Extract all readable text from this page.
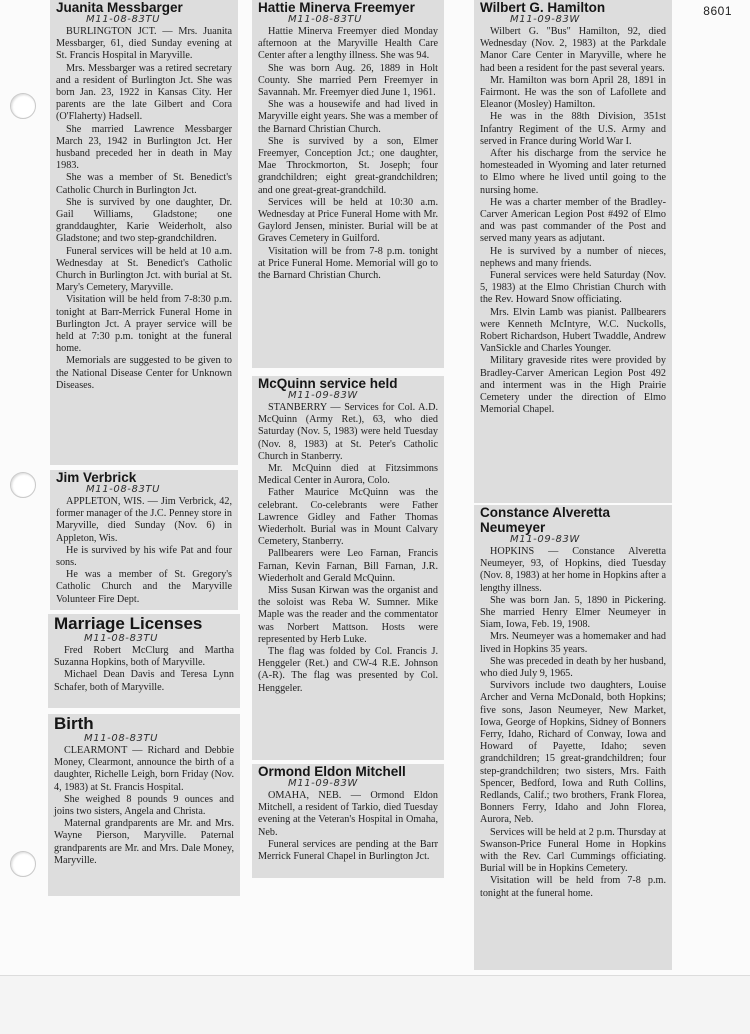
8601
Juanita Messbarger
M11-08-83TU

BURLINGTON JCT. — Mrs. Juanita Messbarger, 61, died Sunday evening at St. Francis Hospital in Maryville.

Mrs. Messbarger was a retired secretary and a resident of Burlington Jct. She was born Jan. 23, 1922 in Kansas City. Her parents are the late Gilbert and Cora (O'Flaherty) Hadsell.

She married Lawrence Messbarger March 23, 1942 in Burlington Jct. Her husband preceded her in death in May 1983.

She was a member of St. Benedict's Catholic Church in Burlington Jct.

She is survived by one daughter, Dr. Gail Williams, Gladstone; one granddaughter, Karie Weiderholt, also Gladstone; and two step-grandchildren.

Funeral services will be held at 10 a.m. Wednesday at St. Benedict's Catholic Church in Burlington Jct. with burial at St. Mary's Cemetery, Maryville.

Visitation will be held from 7-8:30 p.m. tonight at Barr-Merrick Funeral Home in Burlington Jct. A prayer service will be held at 7:30 p.m. tonight at the funeral home.

Memorials are suggested to be given to the National Disease Center for Unknown Diseases.

Jim Verbrick
M11-08-83TU

APPLETON, WIS. — Jim Verbrick, 42, former manager of the J.C. Penney store in Maryville, died Sunday (Nov. 6) in Appleton, Wis.

He is survived by his wife Pat and four sons.

He was a member of St. Gregory's Catholic Church and the Maryville Volunteer Fire Dept.

Marriage Licenses
M11-08-83TU

Fred Robert McClurg and Martha Suzanna Hopkins, both of Maryville.

Michael Dean Davis and Teresa Lynn Schafer, both of Maryville.

Birth
M11-08-83TU

CLEARMONT — Richard and Debbie Money, Clearmont, announce the birth of a daughter, Richelle Leigh, born Friday (Nov. 4, 1983) at St. Francis Hospital.

She weighed 8 pounds 9 ounces and joins two sisters, Angela and Christa.

Maternal grandparents are Mr. and Mrs. Wayne Pierson, Maryville. Paternal grandparents are Mr. and Mrs. Dale Money, Maryville.

Hattie Minerva Freemyer
M11-08-83TU

Hattie Minerva Freemyer died Monday afternoon at the Maryville Health Care Center after a lengthy illness. She was 94.

She was born Aug. 26, 1889 in Holt County. She married Pern Freemyer in Savannah. Mr. Freemyer died June 1, 1961.

She was a housewife and had lived in Maryville eight years. She was a member of the Barnard Christian Church.

She is survived by a son, Elmer Freemyer, Conception Jct.; one daughter, Mae Throckmorton, St. Joseph; four grandchildren; eight great-grandchildren; and one great-great-grandchild.

Services will be held at 10:30 a.m. Wednesday at Price Funeral Home with Mr. Gaylord Jensen, minister. Burial will be at Graves Cemetery in Guilford.

Visitation will be from 7-8 p.m. tonight at Price Funeral Home. Memorial will go to the Barnard Christian Church.

McQuinn service held
M11-09-83W

STANBERRY — Services for Col. A.D. McQuinn (Army Ret.), 63, who died Saturday (Nov. 5, 1983) were held Tuesday (Nov. 8, 1983) at St. Peter's Catholic Church in Stanberry.

Mr. McQuinn died at Fitzsimmons Medical Center in Aurora, Colo.

Father Maurice McQuinn was the celebrant. Co-celebrants were Father Lawrence Gidley and Father Thomas Wiederholt. Burial was in Mount Calvary Cemetery, Stanberry.

Pallbearers were Leo Farnan, Francis Farnan, Kevin Farnan, Bill Farnan, J.R. Wiederholt and Gerald McQuinn.

Miss Susan Kirwan was the organist and the soloist was Reba W. Sumner. Mike Maple was the reader and the commentator was Norbert Mattson. Hosts were represented by Herb Luke.

The flag was folded by Col. Francis J. Henggeler (Ret.) and CW-4 R.E. Johnson (A-R). The flag was presented by Col. Henggeler.

Ormond Eldon Mitchell
M11-09-83W

OMAHA, NEB. — Ormond Eldon Mitchell, a resident of Tarkio, died Tuesday evening at the Veteran's Hospital in Omaha, Neb.

Funeral services are pending at the Barr Merrick Funeral Chapel in Burlington Jct.

Wilbert G. Hamilton
M11-09-83W

Wilbert G. "Bus" Hamilton, 92, died Wednesday (Nov. 2, 1983) at the Parkdale Manor Care Center in Maryville, where he had been a resident for the past several years.

Mr. Hamilton was born April 28, 1891 in Fairmont. He was the son of Lafollete and Eleanor (Mosley) Hamilton.

He was in the 88th Division, 351st Infantry Regiment of the U.S. Army and served in France during World War I.

After his discharge from the service he homesteaded in Wyoming and later returned to Elmo where he lived until going to the nursing home.

He was a charter member of the Bradley-Carver American Legion Post #492 of Elmo and was past commander of the Post and served many years as adjutant.

He is survived by a number of nieces, nephews and many friends.

Funeral services were held Saturday (Nov. 5, 1983) at the Elmo Christian Church with the Rev. Howard Snow officiating.

Mrs. Elvin Lamb was pianist. Pallbearers were Kenneth McIntyre, W.C. Nuckolls, Robert Richardson, Hubert Twaddle, Andrew VanSickle and Charles Younger.

Military graveside rites were provided by Bradley-Carver American Legion Post 492 and interment was in the High Prairie Cemetery under the direction of Elmo Memorial Chapel.

Constance Alveretta Neumeyer
M11-09-83W

HOPKINS — Constance Alveretta Neumeyer, 93, of Hopkins, died Tuesday (Nov. 8, 1983) at her home in Hopkins after a lengthy illness.

She was born Jan. 5, 1890 in Pickering. She married Henry Elmer Neumeyer in Siam, Iowa, Feb. 19, 1908.

Mrs. Neumeyer was a homemaker and had lived in Hopkins 35 years.

She was preceded in death by her husband, who died July 9, 1965.

Survivors include two daughters, Louise Archer and Verna McDonald, both Hopkins; five sons, Jason Neumeyer, New Market, Iowa, George of Hopkins, Sidney of Bonners Ferry, Idaho, Richard of Conway, Iowa and Howard of Payette, Idaho; seven grandchildren; 15 great-grandchildren; four step-grandchildren; two sisters, Mrs. Faith Spencer, Bedford, Iowa and Ruth Collins, Redlands, Calif.; two brothers, Frank Florea, Bonners Ferry, Idaho and John Florea, Aurora, Neb.

Services will be held at 2 p.m. Thursday at Swanson-Price Funeral Home in Hopkins with the Rev. Carl Cummings officiating. Burial will be in Hopkins Cemetery.

Visitation will be held from 7-8 p.m. tonight at the funeral home.
